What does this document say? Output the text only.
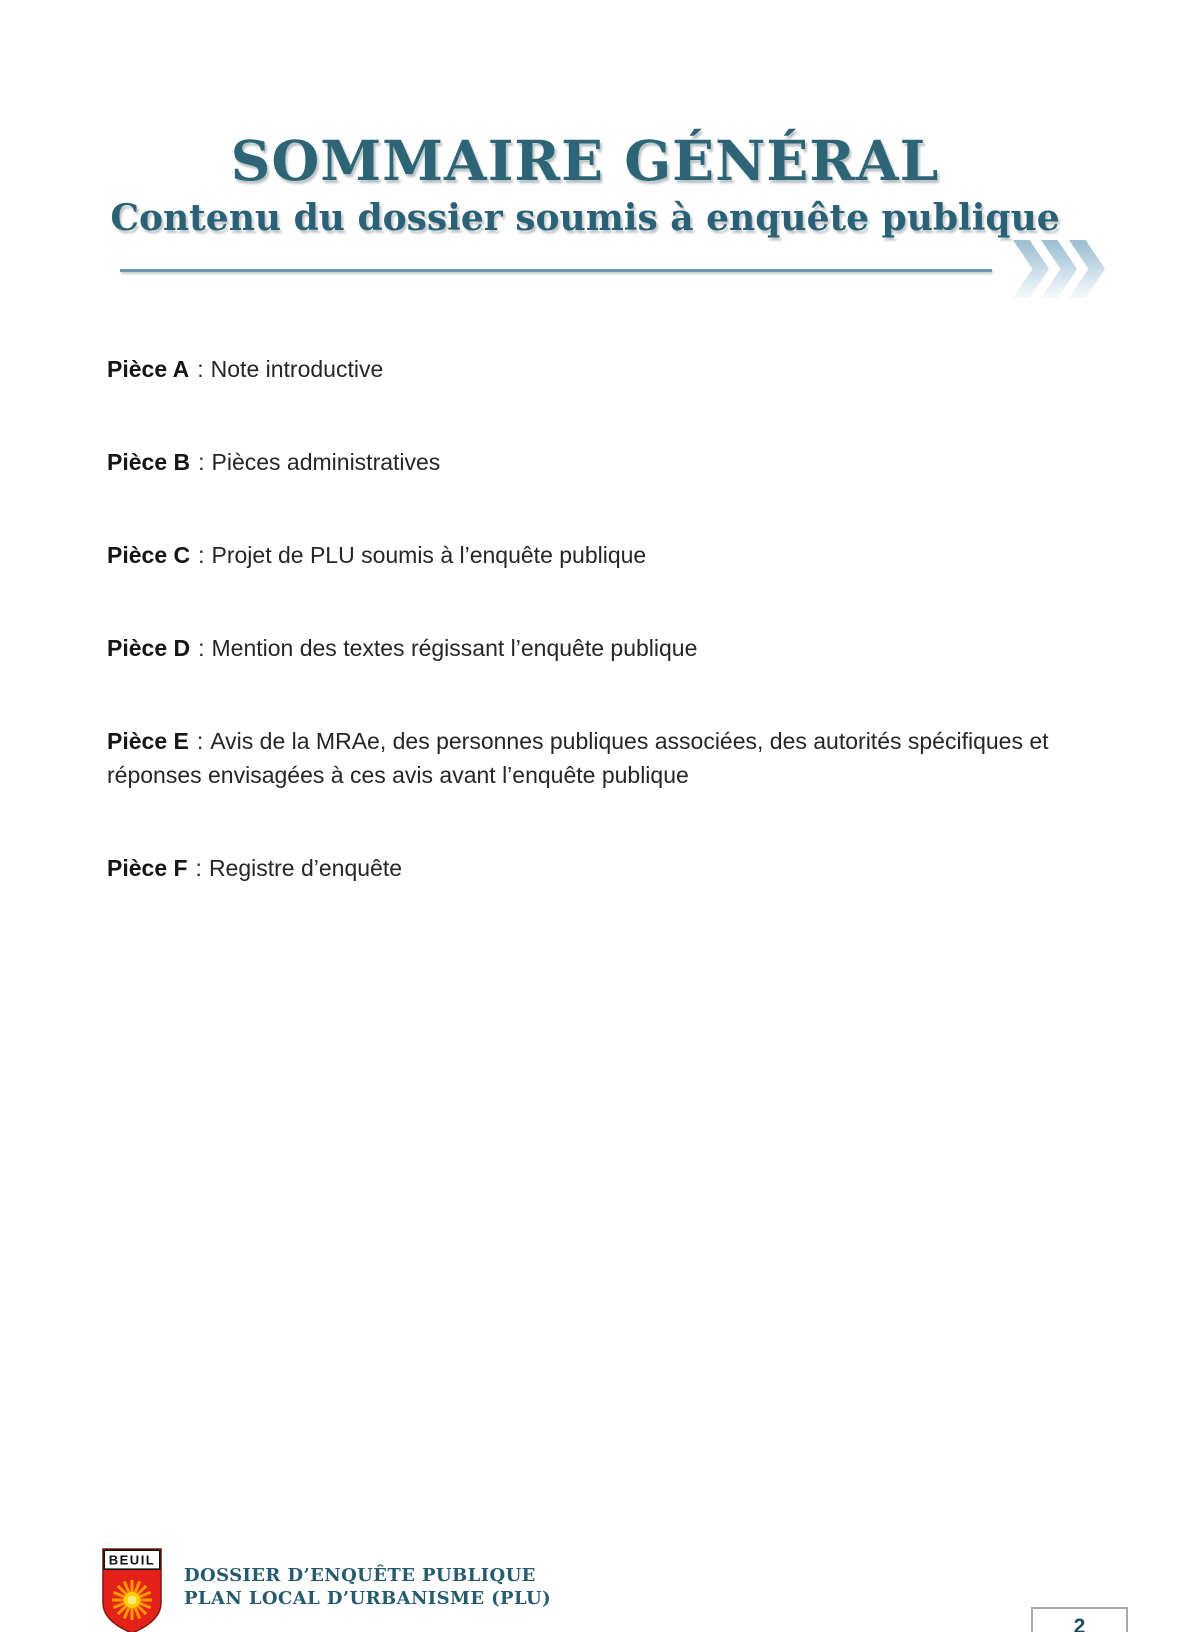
SOMMAIRE GÉNÉRAL
Contenu du dossier soumis à enquête publique
Pièce A : Note introductive
Pièce B : Pièces administratives
Pièce C : Projet de PLU soumis à l’enquête publique
Pièce D : Mention des textes régissant l’enquête publique
Pièce E : Avis de la MRAe, des personnes publiques associées, des autorités spécifiques et réponses envisagées à ces avis avant l’enquête publique
Pièce F : Registre d’enquête
BEUIL
DOSSIER D’ENQUÊTE PUBLIQUE
PLAN LOCAL D’URBANISME (PLU)
2
